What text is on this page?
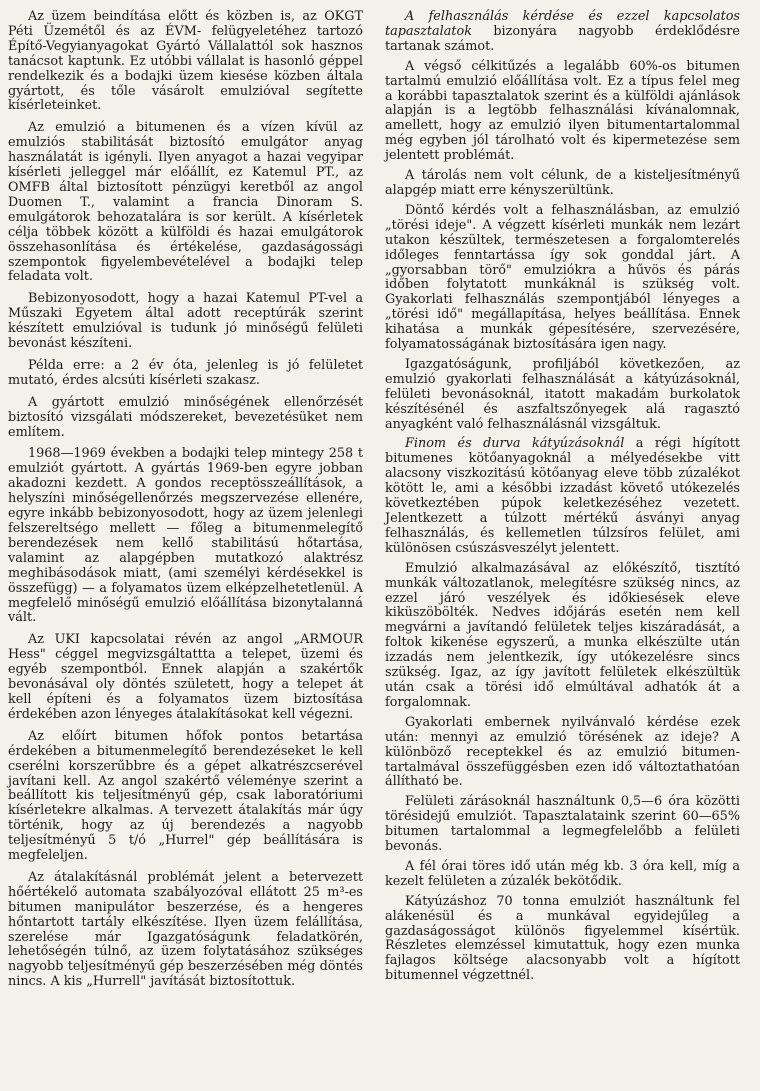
Az üzem beindítása előtt és közben is, az OKGT Péti Üzemétől és az ÉVM- felügyeletéhez tartozó Építő-Vegyianyagokat Gyártó Vállalattól sok hasznos tanácsot kaptunk. Ez utóbbi vállalat is hasonló géppel rendelkezik és a bodajki üzem kiesése közben általa gyártott, és tőle vásárolt emulzióval segítette kísérleteinket.

Az emulzió a bitumenen és a vízen kívül az emulziós stabilitását biztosító emulgátor anyag használatát is igényli. Ilyen anyagot a hazai vegyipar kísérleti jelleggel már előállít, ez Katemul PT., az OMFB által biztosított pénzügyi keretből az angol Duomen T., valamint a francia Dinoram S. emulgátorok behozatalára is sor került. A kísérletek célja többek között a külföldi és hazai emulgátorok összehasonlítása és értékelése, gazdaságossági szempontok figyelembevételével a bodajki telep feladata volt.

Bebizonyosodott, hogy a hazai Katemul PT-vel a Műszaki Egyetem által adott receptúrák szerint készített emulzióval is tudunk jó minőségű felületi bevonást készíteni.

Példa erre: a 2 év óta, jelenleg is jó felületet mutató, érdes alcsúti kísérleti szakasz.

A gyártott emulzió minőségének ellenőrzését biztosító vizsgálati módszereket, bevezetésüket nem említem.

1968—1969 években a bodajki telep mintegy 258 t emulziót gyártott. A gyártás 1969-ben egyre jobban akadozni kezdett. A gondos receptösszeállítások, a helyszíni minőségellenőrzés megszervezése ellenére, egyre inkább bebizonyosodott, hogy az üzem jelenlegi felszereltségo mellett — főleg a bitumenmelegítő berendezések nem kellő stabilitású hőtartása, valamint az alapgépben mutatkozó alaktrész meghibásodások miatt, (ami személyi kérdésekkel is összefügg) — a folyamatos üzem elképzelhetetlenül. A megfelelő minőségű emulzió előállítása bizonytalanná vált.

Az UKI kapcsolatai révén az angol „ARMOUR Hess" céggel megvizsgáltattta a telepet, üzemi és egyéb szempontból. Ennek alapján a szakértők bevonásával oly döntés született, hogy a telepet át kell építeni és a folyamatos üzem biztosítása érdekében azon lényeges átalakításokat kell végezni.

Az előírt bitumen hőfok pontos betartása érdekében a bitumenmelegítő berendezéseket le kell cserélni korszerűbbre és a gépet alkatrészcserével javítani kell. Az angol szakértő véleménye szerint a beállított kis teljesítményű gép, csak laboratóriumi kísérletekre alkalmas. A tervezett átalakítás már úgy történik, hogy az új berendezés a nagyobb teljesítményű 5 t/ó „Hurrel" gép beállítására is megfeleljen.

Az átalakításnál problémát jelent a betervezett hőértékelő automata szabályozóval ellátott 25 m³-es bitumen manipulátor beszerzése, és a hengeres hőntartott tartály elkészítése. Ilyen üzem felállítása, szerelése már Igazgatóságunk feladatkörén, lehetőségén túlnő, az üzem folytatásához szükséges nagyobb teljesítményű gép beszerzésében még döntés nincs. A kis „Hurrell" javítását biztosítottuk.

A felhasználás kérdése és ezzel kapcsolatos tapasztalatok bizonyára nagyobb érdeklődésre tartanak számot.

A végső célkitűzés a legalább 60%-os bitumen tartalmú emulzió előállítása volt. Ez a típus felel meg a korábbi tapasztalatok szerint és a külföldi ajánlások alapján is a legtöbb felhasználási kívánalomnak, amellett, hogy az emulzió ilyen bitumentartalommal még egyben jól tárolható volt és kipermetezése sem jelentett problémát.

A tárolás nem volt célunk, de a kisteljesítményű alapgép miatt erre kényszerültünk.

Döntő kérdés volt a felhasználásban, az emulzió „törési ideje". A végzett kísérleti munkák nem lezárt utakon készültek, természetesen a forgalomterelés időleges fenntartássa így sok gonddal járt. A „gyorsabban törő" emulziókra a hűvös és párás időben folytatott munkáknál is szükség volt. Gyakorlati felhasználás szempontjából lényeges a „törési idő" megállapítása, helyes beállítása. Ennek kihatása a munkák gépesítésére, szervezésére, folyamatosságának biztosítására igen nagy.

Igazgatóságunk, profiljából következően, az emulzió gyakorlati felhasználását a kátyúzásoknál, felületi bevonásoknál, itatott makadám burkolatok készítésénél és aszfaltszőnyegek alá ragasztó anyagként való felhasználásnál vizsgáltuk.

Finom és durva kátyúzásoknál a régi hígított bitumenes kötőanyagoknál a mélyedésekbe vitt alacsony viszkozitású kötőanyag eleve több zúzalékot kötött le, ami a későbbi izzadást követő utókezelés következtében púpok keletkezéséhez vezetett. Jelentkezett a túlzott mértékű ásványi anyag felhasználás, és kellemetlen túlzsíros felület, ami különösen csúszásveszélyt jelentett.

Emulzió alkalmazásával az előkészítő, tisztító munkák változatlanok, melegítésre szükség nincs, az ezzel járó veszélyek és időkiesések eleve kiküszöbölték. Nedves időjárás esetén nem kell megvárni a javítandó felületek teljes kiszáradását, a foltok kikenése egyszerű, a munka elkészülte után izzadás nem jelentkezik, így utókezelésre sincs szükség. Igaz, az így javított felületek elkészültük után csak a törési idő elmúltával adhatók át a forgalomnak.

Gyakorlati embernek nyilvánvaló kérdése ezek után: mennyi az emulzió törésének az ideje? A különböző receptekkel és az emulzió bitumen-tartalmával összefüggésben ezen idő változtathatóan állítható be.

Felületi zárásoknál használtunk 0,5—6 óra közötti törésidejű emulziót. Tapasztalataink szerint 60—65% bitumen tartalommal a legmegfelelőbb a felületi bevonás.

A fél órai töres idő után még kb. 3 óra kell, míg a kezelt felületen a zúzalék bekötődik.

Kátyúzáshoz 70 tonna emulziót használtunk fel alákenésül és a munkával egyidejűleg a gazdaságosságot különös figyelemmel kísértük. Részletes elemzéssel kimutattuk, hogy ezen munka fajlagos költsége alacsonyabb volt a hígított bitumennel végzettnél.
